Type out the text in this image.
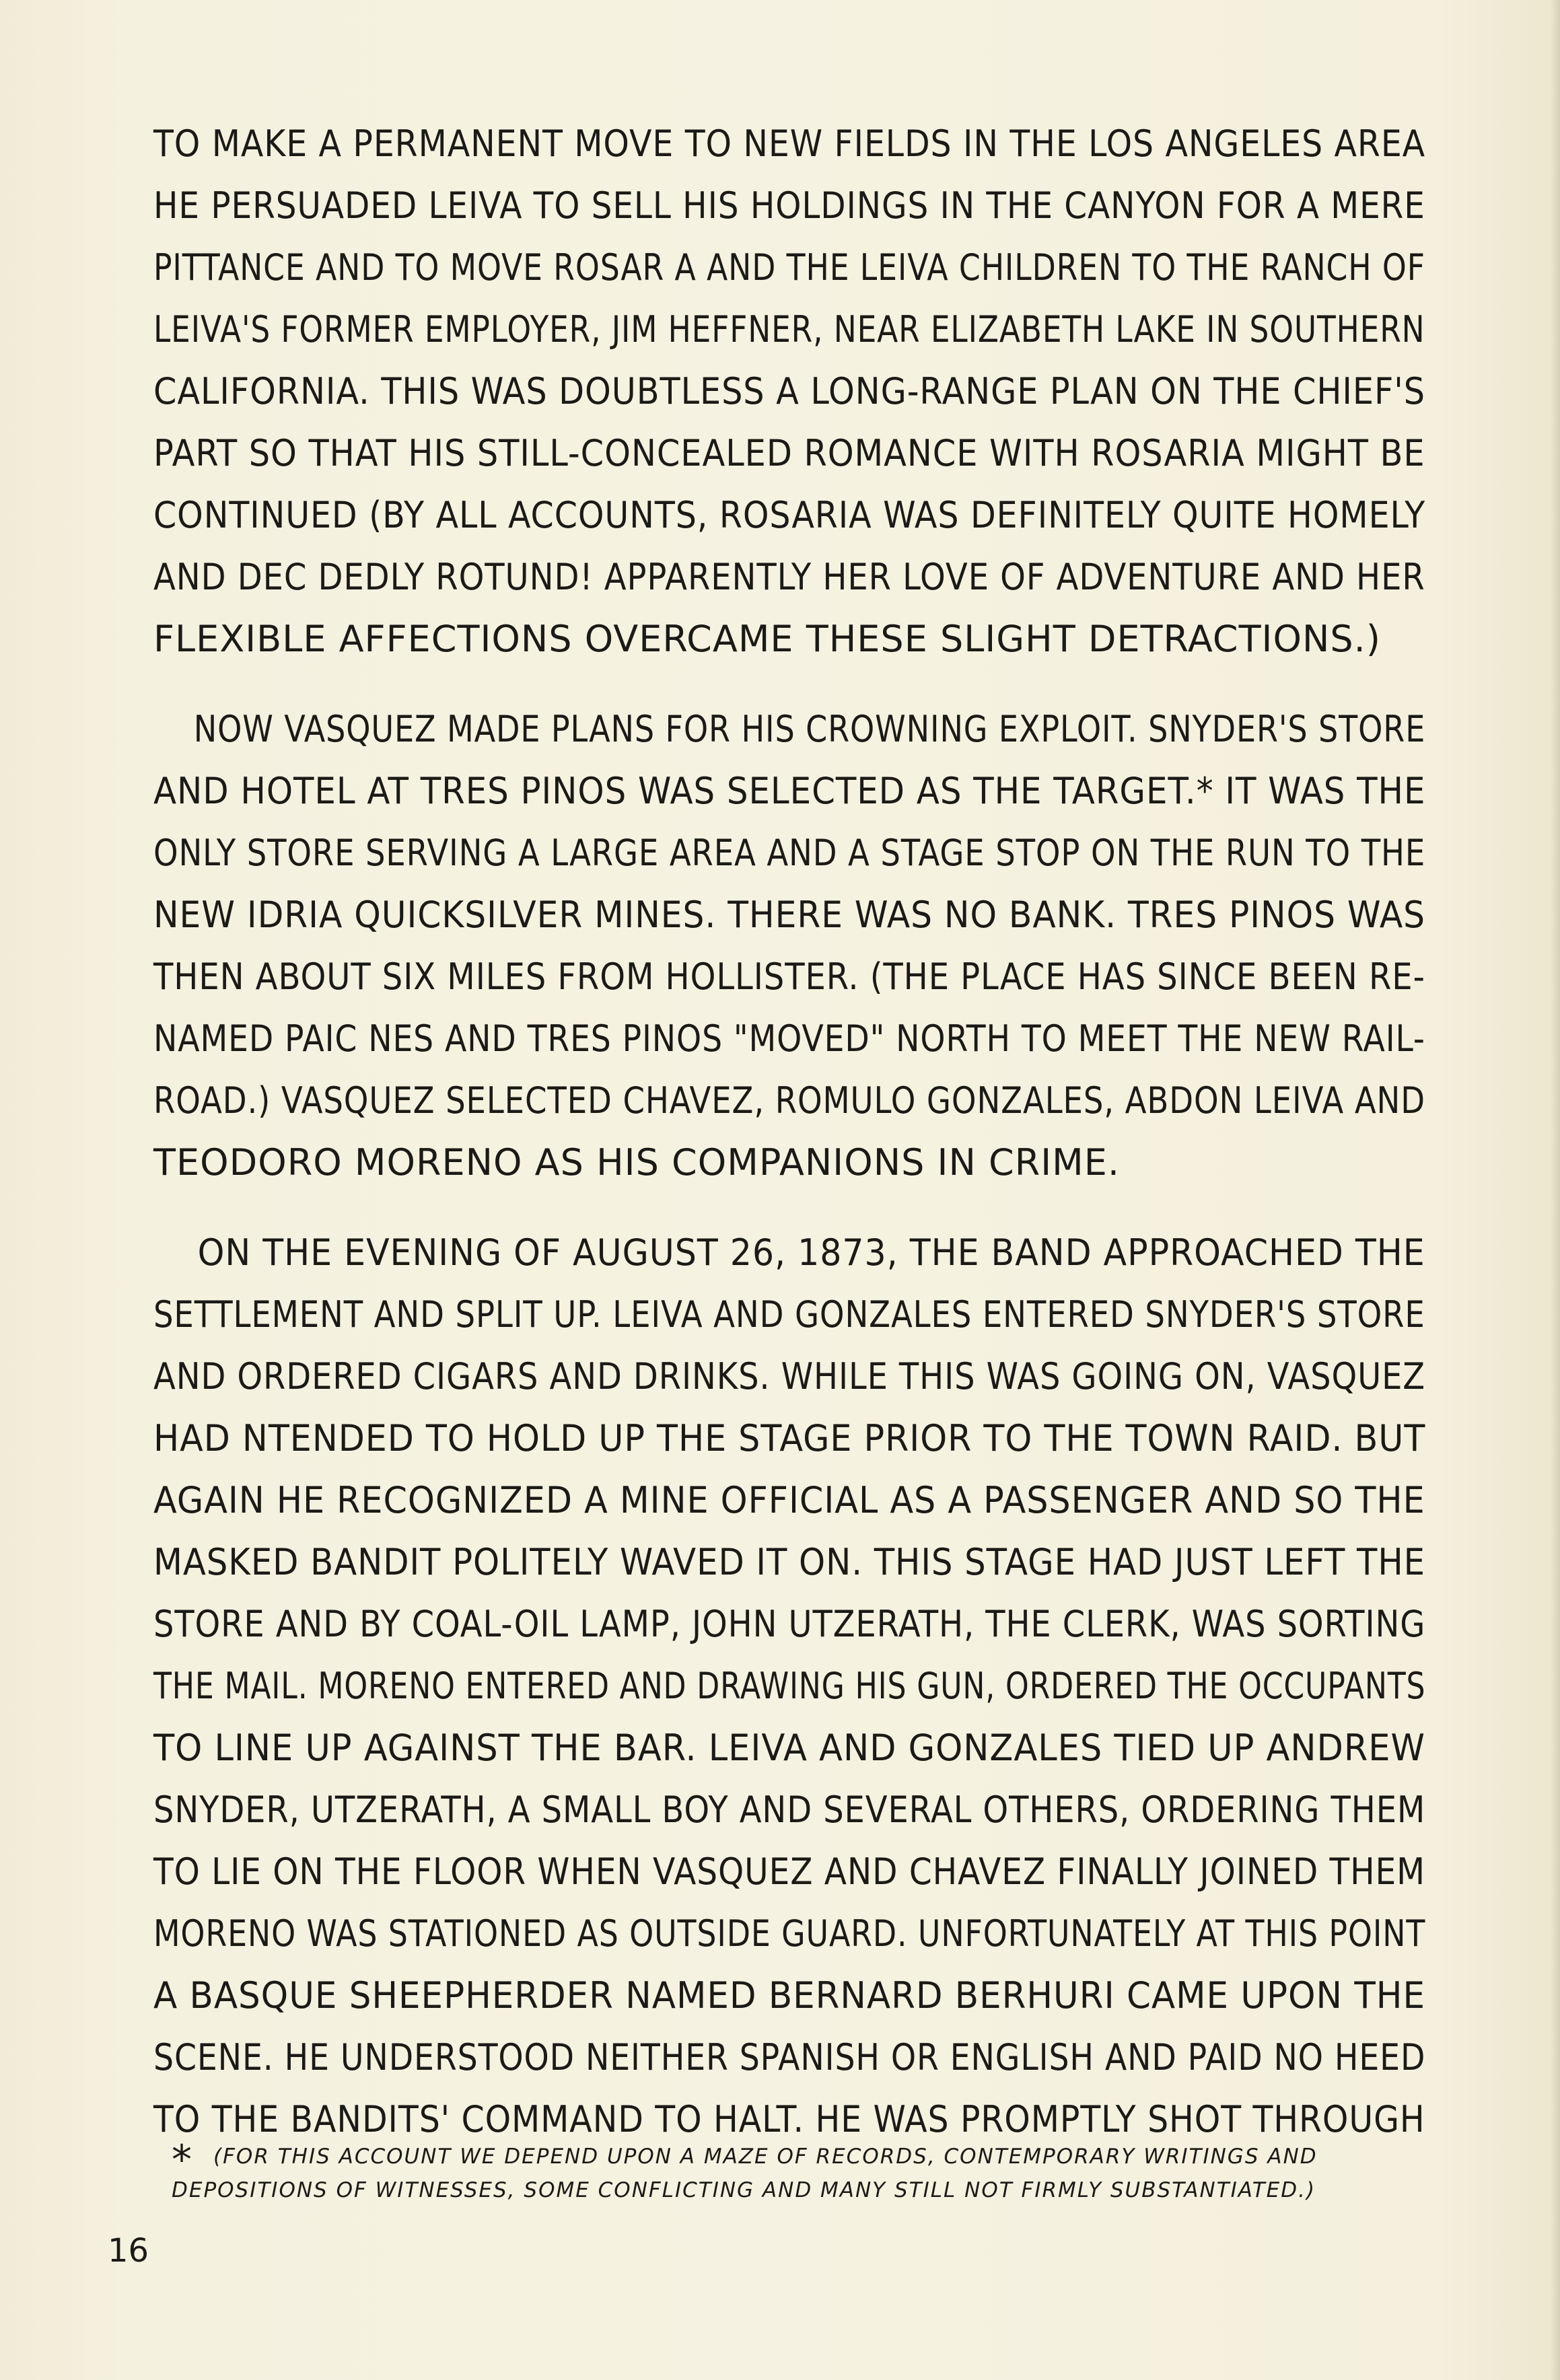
TO MAKE A PERMANENT MOVE TO NEW FIELDS IN THE LOS ANGELES AREA
HE PERSUADED LEIVA TO SELL HIS HOLDINGS IN THE CANYON FOR A MERE
PITTANCE AND TO MOVE ROSAR A AND THE LEIVA CHILDREN TO THE RANCH OF
LEIVA'S FORMER EMPLOYER, JIM HEFFNER, NEAR ELIZABETH LAKE IN SOUTHERN
CALIFORNIA. THIS WAS DOUBTLESS A LONG-RANGE PLAN ON THE CHIEF'S
PART SO THAT HIS STILL-CONCEALED ROMANCE WITH ROSARIA MIGHT BE
CONTINUED (BY ALL ACCOUNTS, ROSARIA WAS DEFINITELY QUITE HOMELY
AND DEC DEDLY ROTUND! APPARENTLY HER LOVE OF ADVENTURE AND HER
FLEXIBLE AFFECTIONS OVERCAME THESE SLIGHT DETRACTIONS.)
NOW VASQUEZ MADE PLANS FOR HIS CROWNING EXPLOIT. SNYDER'S STORE
AND HOTEL AT TRES PINOS WAS SELECTED AS THE TARGET.* IT WAS THE
ONLY STORE SERVING A LARGE AREA AND A STAGE STOP ON THE RUN TO THE
NEW IDRIA QUICKSILVER MINES. THERE WAS NO BANK. TRES PINOS WAS
THEN ABOUT SIX MILES FROM HOLLISTER. (THE PLACE HAS SINCE BEEN RE-
NAMED PAIC NES AND TRES PINOS "MOVED" NORTH TO MEET THE NEW RAIL-
ROAD.) VASQUEZ SELECTED CHAVEZ, ROMULO GONZALES, ABDON LEIVA AND
TEODORO MORENO AS HIS COMPANIONS IN CRIME.
ON THE EVENING OF AUGUST 26, 1873, THE BAND APPROACHED THE
SETTLEMENT AND SPLIT UP. LEIVA AND GONZALES ENTERED SNYDER'S STORE
AND ORDERED CIGARS AND DRINKS. WHILE THIS WAS GOING ON, VASQUEZ
HAD NTENDED TO HOLD UP THE STAGE PRIOR TO THE TOWN RAID. BUT
AGAIN HE RECOGNIZED A MINE OFFICIAL AS A PASSENGER AND SO THE
MASKED BANDIT POLITELY WAVED IT ON. THIS STAGE HAD JUST LEFT THE
STORE AND BY COAL-OIL LAMP, JOHN UTZERATH, THE CLERK, WAS SORTING
THE MAIL. MORENO ENTERED AND DRAWING HIS GUN, ORDERED THE OCCUPANTS
TO LINE UP AGAINST THE BAR. LEIVA AND GONZALES TIED UP ANDREW
SNYDER, UTZERATH, A SMALL BOY AND SEVERAL OTHERS, ORDERING THEM
TO LIE ON THE FLOOR WHEN VASQUEZ AND CHAVEZ FINALLY JOINED THEM
MORENO WAS STATIONED AS OUTSIDE GUARD. UNFORTUNATELY AT THIS POINT
A BASQUE SHEEPHERDER NAMED BERNARD BERHURI CAME UPON THE
SCENE. HE UNDERSTOOD NEITHER SPANISH OR ENGLISH AND PAID NO HEED
TO THE BANDITS' COMMAND TO HALT. HE WAS PROMPTLY SHOT THROUGH
*	(FOR THIS ACCOUNT WE DEPEND UPON A MAZE OF RECORDS, CONTEMPORARY WRITINGS AND
DEPOSITIONS OF WITNESSES, SOME CONFLICTING AND MANY STILL NOT FIRMLY SUBSTANTIATED.)
16
